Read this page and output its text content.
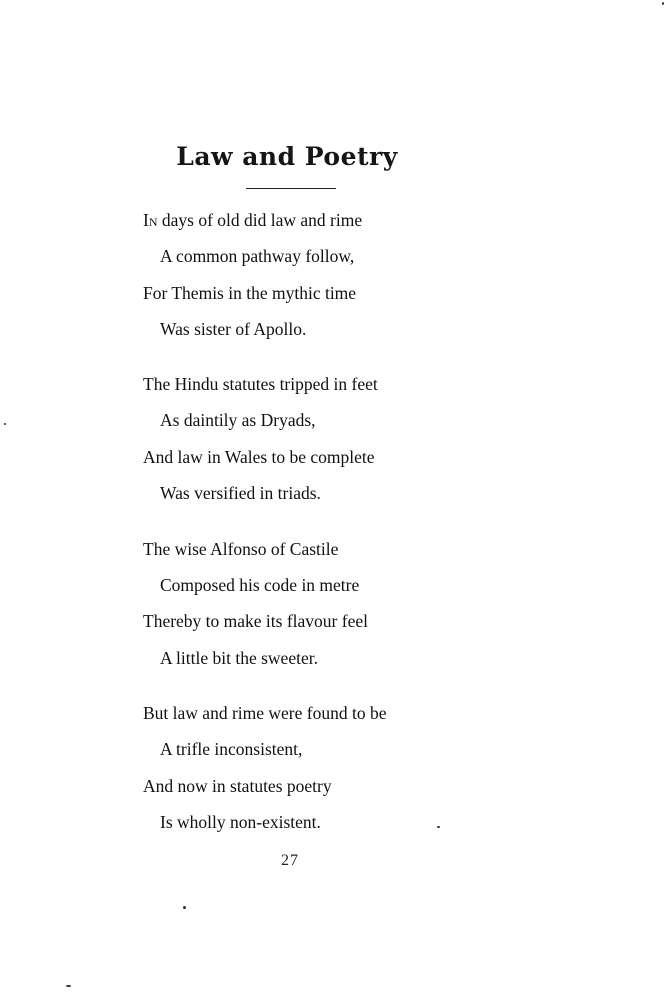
Law and Poetry
In days of old did law and rime
A common pathway follow,
For Themis in the mythic time
Was sister of Apollo.
The Hindu statutes tripped in feet
As daintily as Dryads,
And law in Wales to be complete
Was versified in triads.
The wise Alfonso of Castile
Composed his code in metre
Thereby to make its flavour feel
A little bit the sweeter.
But law and rime were found to be
A trifle inconsistent,
And now in statutes poetry
Is wholly non-existent.
27
